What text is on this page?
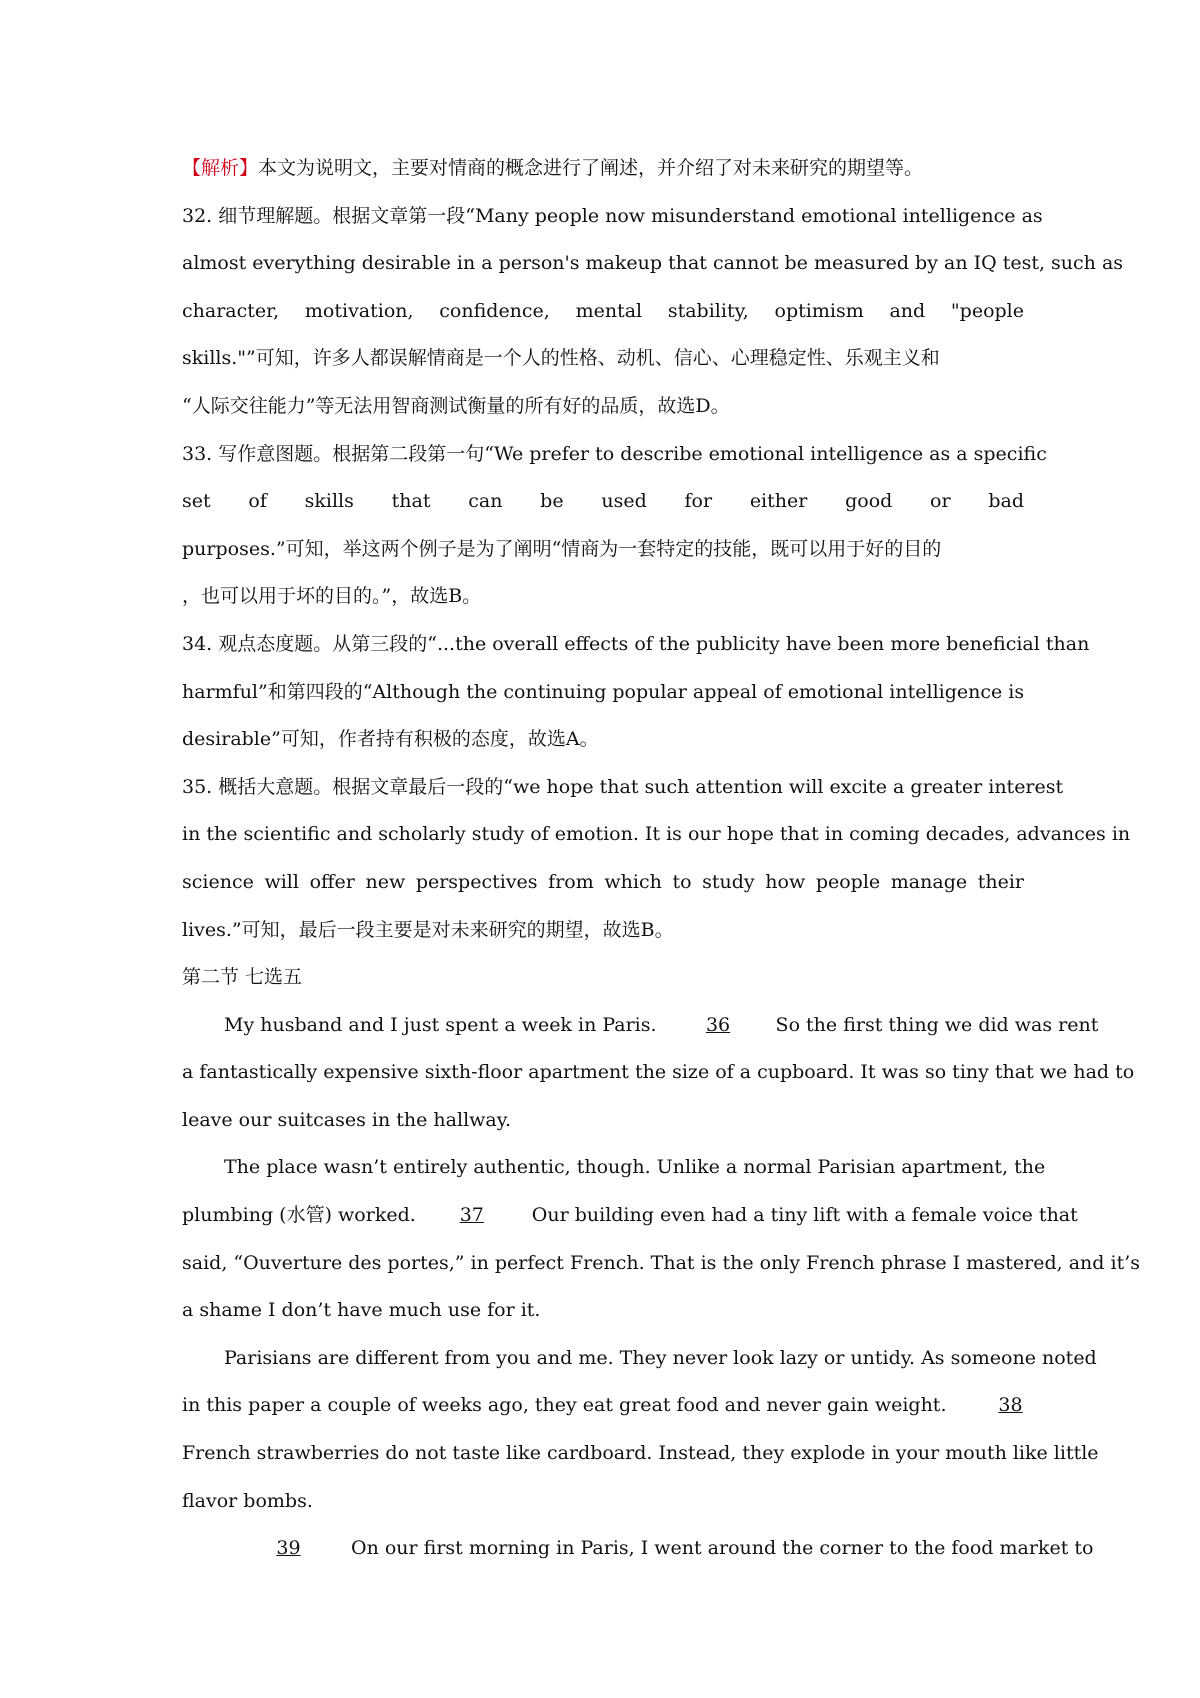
【解析】本文为说明文，主要对情商的概念进行了阐述，并介绍了对未来研究的期望等。
32. 细节理解题。根据文章第一段“Many people now misunderstand emotional intelligence as
almost everything desirable in a person's makeup that cannot be measured by an IQ test, such as
character, motivation, confidence, mental stability, optimism and "people
skills."”可知，许多人都误解情商是一个人的性格、动机、信心、心理稳定性、乐观主义和
“人际交往能力”等无法用智商测试衡量的所有好的品质，故选D。
33. 写作意图题。根据第二段第一句“We prefer to describe emotional intelligence as a specific
set of skills that can be used for either good or bad
purposes.”可知，举这两个例子是为了阐明“情商为一套特定的技能，既可以用于好的目的
，也可以用于坏的目的。”，故选B。
34. 观点态度题。从第三段的“...the overall effects of the publicity have been more beneficial than
harmful”和第四段的“Although the continuing popular appeal of emotional intelligence is
desirable”可知，作者持有积极的态度，故选A。
35. 概括大意题。根据文章最后一段的“we hope that such attention will excite a greater interest
in the scientific and scholarly study of emotion. It is our hope that in coming decades, advances in
science will offer new perspectives from which to study how people manage their
lives.”可知，最后一段主要是对未来研究的期望，故选B。
第二节 七选五
My husband and I just spent a week in Paris.	36 So the first thing we did was rent
a fantastically expensive sixth-floor apartment the size of a cupboard. It was so tiny that we had to
leave our suitcases in the hallway.
The place wasn’t entirely authentic, though. Unlike a normal Parisian apartment, the
plumbing (水管) worked. 37	Our building even had a tiny lift with a female voice that
said, “Ouverture des portes,” in perfect French. That is the only French phrase I mastered, and it’s
a shame I don’t have much use for it.
Parisians are different from you and me. They never look lazy or untidy. As someone noted
in this paper a couple of weeks ago, they eat great food and never gain weight.	38
French strawberries do not taste like cardboard. Instead, they explode in your mouth like little
flavor bombs.
39	On our first morning in Paris, I went around the corner to the food market to
